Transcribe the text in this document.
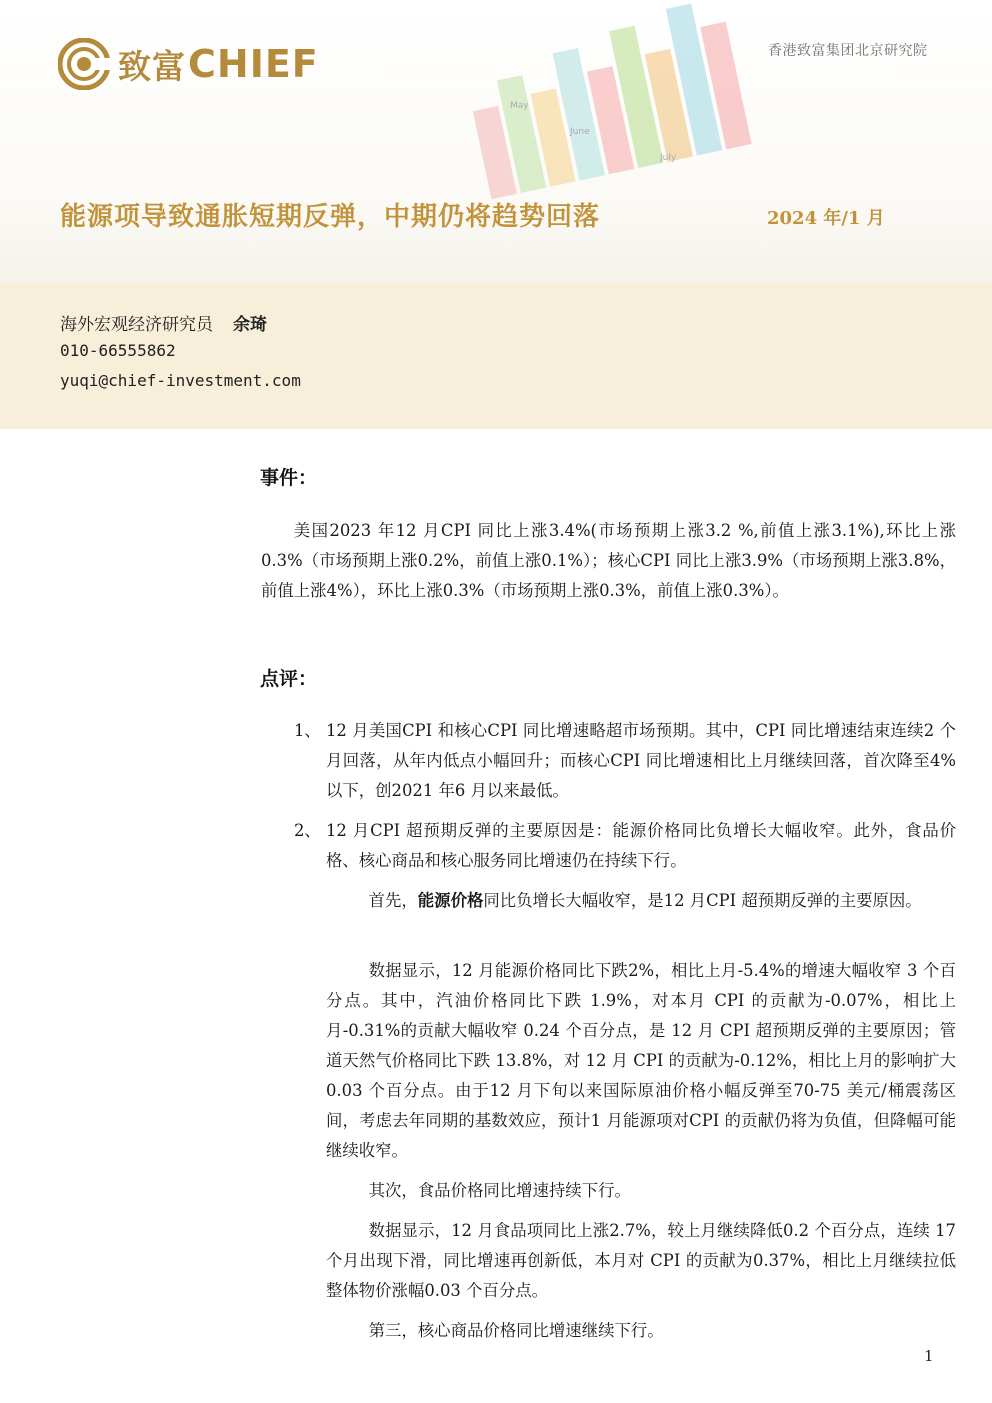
May
June
July
致富 CHIEF	香港致富集团北京研究院
能源项导致通胀短期反弹，中期仍将趋势回落	2024 年/1 月
海外宏观经济研究员 余琦
010-66555862
yuqi@chief-investment.com
事件：
美国2023 年12 月CPI 同比上涨3.4%(市场预期上涨3.2 %,前值上涨3.1%),环比上涨0.3%（市场预期上涨0.2%，前值上涨0.1%）；核心CPI 同比上涨3.9%（市场预期上涨3.8%，前值上涨4%），环比上涨0.3%（市场预期上涨0.3%，前值上涨0.3%）。
点评：
1、 12 月美国CPI 和核心CPI 同比增速略超市场预期。其中，CPI 同比增速结束连续2 个月回落，从年内低点小幅回升；而核心CPI 同比增速相比上月继续回落，首次降至4%以下，创2021 年6 月以来最低。
2、 12 月CPI 超预期反弹的主要原因是：能源价格同比负增长大幅收窄。此外，食品价格、核心商品和核心服务同比增速仍在持续下行。
首先，能源价格同比负增长大幅收窄，是12 月CPI 超预期反弹的主要原因。
数据显示，12 月能源价格同比下跌2%，相比上月-5.4%的增速大幅收窄 3 个百分点。其中，汽油价格同比下跌 1.9%，对本月 CPI 的贡献为-0.07%，相比上月-0.31%的贡献大幅收窄 0.24 个百分点，是 12 月 CPI 超预期反弹的主要原因；管道天然气价格同比下跌 13.8%，对 12 月 CPI 的贡献为-0.12%，相比上月的影响扩大0.03 个百分点。由于12 月下旬以来国际原油价格小幅反弹至70-75 美元/桶震荡区间，考虑去年同期的基数效应，预计1 月能源项对CPI 的贡献仍将为负值，但降幅可能继续收窄。
其次，食品价格同比增速持续下行。
数据显示，12 月食品项同比上涨2.7%，较上月继续降低0.2 个百分点，连续 17 个月出现下滑，同比增速再创新低，本月对 CPI 的贡献为0.37%，相比上月继续拉低整体物价涨幅0.03 个百分点。
第三，核心商品价格同比增速继续下行。
1
